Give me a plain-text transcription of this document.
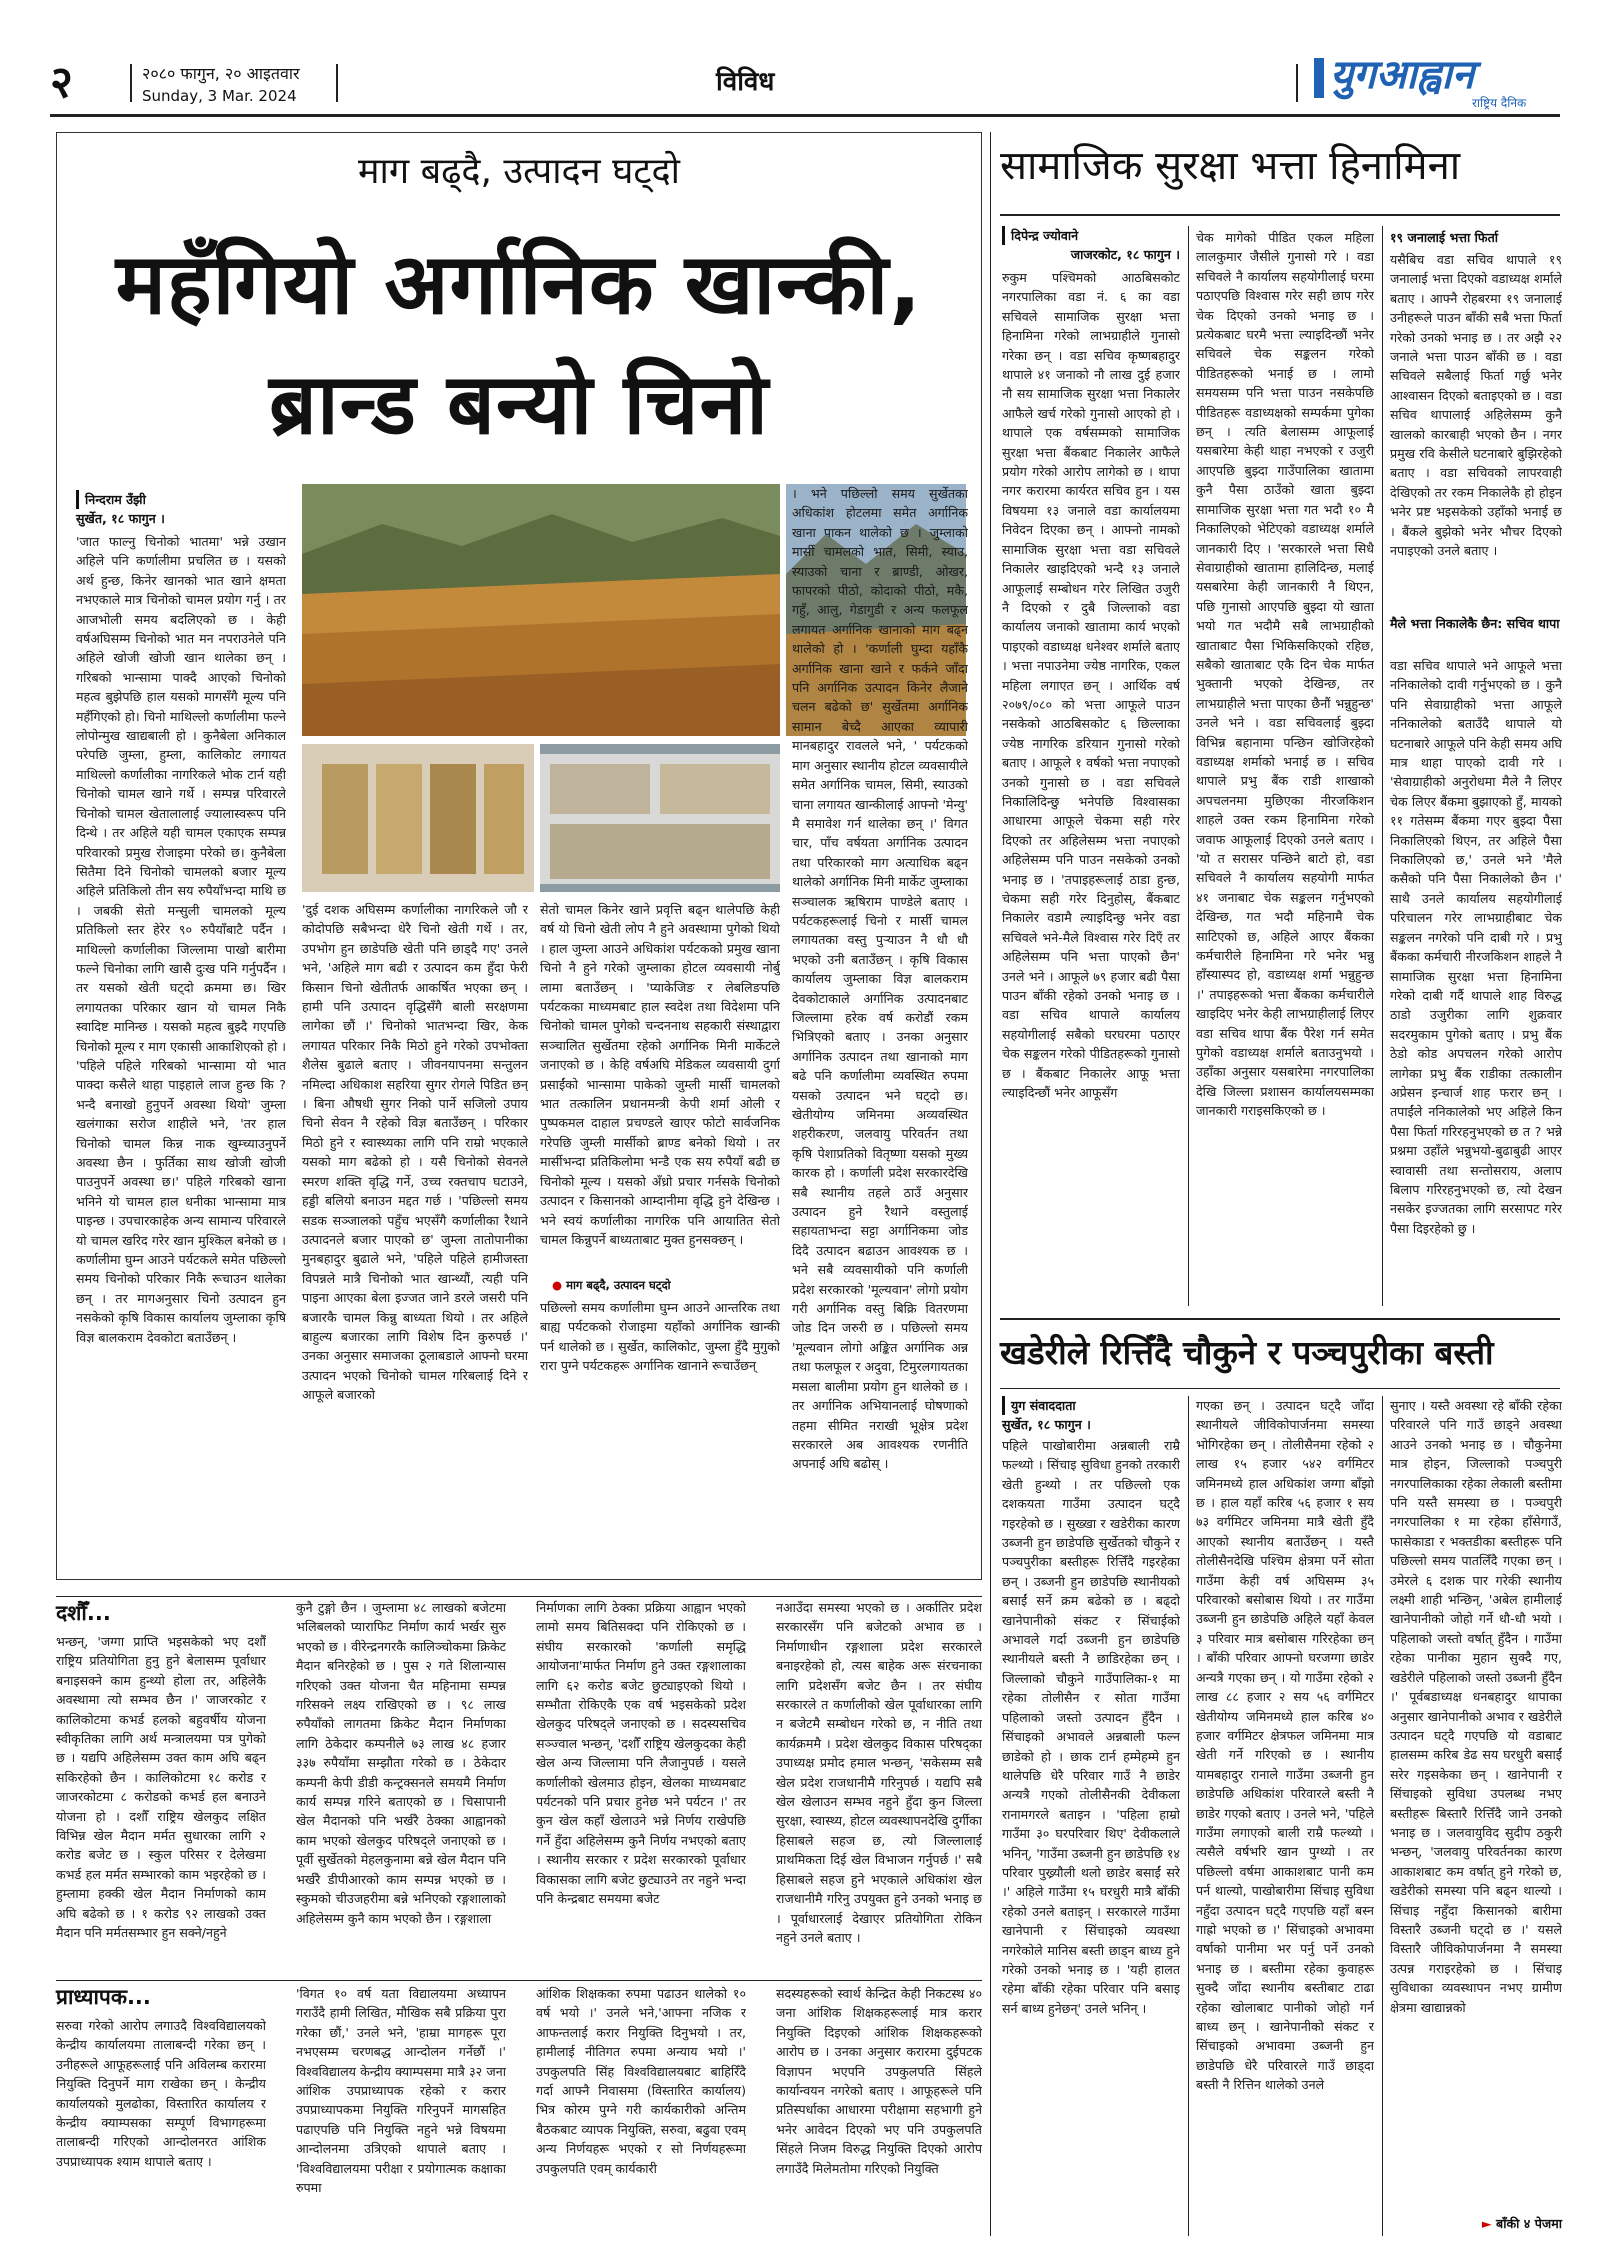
२	२०८० फागुन, २० आइतवार
Sunday, 3 Mar. 2024	विविध	युगआह्वान
राष्ट्रिय दैनिक
माग बढ्दै, उत्पादन घट्दो
महँगियो अर्गानिक खान्की,
ब्रान्ड बन्यो चिनो
निन्दराम उँझी
सुर्खेत, १८ फागुन ।
'जात फाल्नु चिनोको भातमा' भन्ने उखान अहिले पनि कर्णालीमा प्रचलित छ । यसको अर्थ हुन्छ, किनेर खानको भात खाने क्षमता नभएकाले मात्र चिनोको चामल प्रयोग गर्नु । तर आजभोली समय बदलिएको छ । केही वर्षअघिसम्म चिनोको भात मन नपराउनेले पनि अहिले खोजी खोजी खान थालेका छन् । गरिबको भान्सामा पाक्दै आएको चिनोको महत्व बुझेपछि हाल यसको मागसँगै मूल्य पनि महँगिएको हो। चिनो माथिल्लो कर्णालीमा फल्ने लोपोन्मुख खाद्यबाली हो । कुनैबेला अनिकाल परेपछि जुम्ला, हुम्ला, कालिकोट लगायत माथिल्लो कर्णालीका नागरिकले भोक टार्न यही चिनोको चामल खाने गर्थे । सम्पन्न परिवारले चिनोको चामल खेतालालाई ज्यालास्वरूप पनि दिन्थे । तर अहिले यही चामल एकाएक सम्पन्न परिवारको प्रमुख रोजाइमा परेको छ। कुनैबेला सितैमा दिने चिनोको चामलको बजार मूल्य अहिले प्रतिकिलो तीन सय रुपैयाँभन्दा माथि छ । जबकी सेतो मन्सुली चामलको मूल्य प्रतिकिलो स्तर हेरेर ९० रुपैयाँबाटै पर्दैन । माथिल्लो कर्णालीका जिल्लामा पाखो बारीमा फल्ने चिनोका लागि खासै दुःख पनि गर्नुपर्दैन । तर यसको खेती घट्दो क्रममा छ। खिर लगायतका परिकार खान यो चामल निकै स्वादिष्ट मानिन्छ । यसको महत्व बुझ्दै गएपछि चिनोको मूल्य र माग एकासी आकाशिएको हो । 'पहिले पहिले गरिबको भान्सामा यो भात पाक्दा कसैले थाहा पाइहाले लाज हुन्छ कि ? भन्दै बनाखो हुनुपर्ने अवस्था थियो' जुम्ला खलंगाका सरोज शाहीले भने, 'तर हाल चिनोको चामल किन्न नाक खुम्च्याउनुपर्ने अवस्था छैन । फुर्तिका साथ खोजी खोजी पाउनुपर्ने अवस्था छ।' पहिले गरिबको खाना भनिने यो चामल हाल धनीका भान्सामा मात्र पाइन्छ । उपचारकाहेक अन्य सामान्य परिवारले यो चामल खरिद गरेर खान मुश्किल बनेको छ । कर्णालीमा घुम्न आउने पर्यटकले समेत पछिल्लो समय चिनोको परिकार निकै रूचाउन थालेका छन् । तर मागअनुसार चिनो उत्पादन हुन नसकेको कृषि विकास कार्यालय जुम्लाका कृषि विज्ञ बालकराम देवकोटा बताउँछन् ।
'दुई दशक अघिसम्म कर्णालीका नागरिकले जौ र कोदोपछि सबैभन्दा धेरै चिनो खेती गर्थे । तर, उपभोग हुन छाडेपछि खेती पनि छाड्दै गए' उनले भने, 'अहिले माग बढी र उत्पादन कम हुँदा फेरी किसान चिनो खेतीतर्फ आकर्षित भएका छन् । हामी पनि उत्पादन वृद्धिसँगै बाली सरक्षणमा लागेका छौं ।' चिनोको भातभन्दा खिर, केक लगायत परिकार निकै मिठो हुने गरेको उपभोक्ता शैलेस बुढाले बताए । जीवनयापनमा सन्तुलन नमिल्दा अधिकाश सहरिया सुगर रोगले पिडित छन् । बिना औषधी सुगर निको पार्ने सजिलो उपाय चिनो सेवन नै रहेको विज्ञ बताउँछन् । परिकार मिठो हुने र स्वास्थ्यका लागि पनि राम्रो भएकाले यसको माग बढेको हो । यसै चिनोको सेवनले स्मरण शक्ति वृद्धि गर्ने, उच्च रक्तचाप घटाउने, हड्डी बलियो बनाउन मद्दत गर्छ । 'पछिल्लो समय सडक सञ्जालको पहुँच भएसँगै कर्णालीका रैथाने उत्पादनले बजार पाएको छ' जुम्ला तातोपानीका मुनबहादुर बुढाले भने, 'पहिले पहिले हामीजस्ता विपन्नले मात्रै चिनोको भात खान्थ्यौं, त्यही पनि पाइना आएका बेला इज्जत जाने डरले जसरी पनि बजारकै चामल किन्नु बाध्यता थियो । तर अहिले बाहुल्य बजारका लागि विशेष दिन कुरुपर्छ ।' उनका अनुसार समाजका ठूलाबडाले आफ्नो घरमा उत्पादन भएको चिनोको चामल गरिबलाई दिने र आफूले बजारको
सेतो चामल किनेर खाने प्रवृत्ति बढ्न थालेपछि केही वर्ष यो चिनो खेती लोप नै हुने अवस्थामा पुगेको थियो । हाल जुम्ला आउने अधिकांश पर्यटकको प्रमुख खाना चिनो नै हुने गरेको जुम्लाका होटल व्यवसायी नोर्बु लामा बताउँछन् । 'प्याकेजिङ र लेबलिङपछि पर्यटकका माध्यमबाट हाल स्वदेश तथा विदेशमा पनि चिनोको चामल पुगेको चन्दननाथ सहकारी संस्थाद्वारा सञ्चालित सुर्खेतमा रहेको अर्गानिक मिनी मार्केटले जनाएको छ । केहि वर्षअघि मेडिकल व्यवसायी दुर्गा प्रसाईंको भान्सामा पाकेको जुम्ली मार्सी चामलको भात तत्कालिन प्रधानमन्त्री केपी शर्मा ओली र पुष्पकमल दाहाल प्रचण्डले खाएर फोटो सार्वजनिक गरेपछि जुम्ली मार्सीको ब्राण्ड बनेको थियो । तर मार्सीभन्दा प्रतिकिलोमा भन्डै एक सय रुपैयाँ बढी छ चिनोको मूल्य । यसको अँध्रो प्रचार गर्नसके चिनोको उत्पादन र किसानको आम्दानीमा वृद्धि हुने देखिन्छ । भने स्वयं कर्णालीका नागरिक पनि आयातित सेतो चामल किन्नुपर्ने बाध्यताबाट मुक्त हुनसक्छन् ।
● माग बढ्दै, उत्पादन घट्दो
पछिल्लो समय कर्णालीमा घुम्न आउने आन्तरिक तथा बाह्य पर्यटकको रोजाइमा यहाँको अर्गानिक खान्की पर्न थालेको छ । सुर्खेत, कालिकोट, जुम्ला हुँदै मुगुको रारा पुग्ने पर्यटकहरू अर्गानिक खानाने रूचाउँछन्
। भने पछिल्लो समय सुर्खेतका अधिकांश होटलमा समेत अर्गानिक खाना पाकन थालेको छ । जुम्लाको मार्सी चामलको भात, सिमी, स्याउ, स्याउको चाना र ब्राण्डी, ओखर, फापरको पीठो, कोदाको पीठो, मकै, गहुँ, आलु, गेडागुडी र अन्य फलफूल लगायत अर्गानिक खानाको माग बढ्न थालेको हो । 'कर्णाली घुम्दा यहाँकै अर्गानिक खाना खाने र फर्कने जाँदा पनि अर्गानिक उत्पादन किनेर लैजाने चलन बढेको छ' सुर्खेतमा अर्गानिक सामान बेच्दै आएका व्यापारी मानबहादुर रावलले भने, ' पर्यटकको माग अनुसार स्थानीय होटल व्यवसायीले समेत अर्गानिक चामल, सिमी, स्याउको चाना लगायत खान्कीलाई आफ्नो 'मेन्यु' मै समावेश गर्न थालेका छन् ।' विगत चार, पाँच वर्षयता अर्गानिक उत्पादन तथा परिकारको माग अत्याधिक बढ्न थालेको अर्गानिक मिनी मार्केट जुम्लाका सञ्चालक ऋषिराम पाण्डेले बताए । पर्यटकहरूलाई चिनो र मार्सी चामल लगायतका वस्तु पुऱ्याउन नै धौ धौ भएको उनी बताउँछन् । कृषि विकास कार्यालय जुम्लाका विज्ञ बालकराम देवकोटाकाले अर्गानिक उत्पादनबाट जिल्लामा हरेक वर्ष करोडौं रकम भित्रिएको बताए । उनका अनुसार अर्गानिक उत्पादन तथा खानाको माग बढे पनि कर्णालीमा व्यवस्थित रुपमा यसको उत्पादन भने घट्दो छ। खेतीयोग्य जमिनमा अव्यवस्थित शहरीकरण, जलवायु परिवर्तन तथा कृषि पेशाप्रतिको वितृष्णा यसको मुख्य कारक हो । कर्णाली प्रदेश सरकारदेखि सबै स्थानीय तहले ठाउँ अनुसार उत्पादन हुने रैथाने वस्तुलाई सहायताभन्दा सट्टा अर्गानिकमा जोड दिदै उत्पादन बढाउन आवश्यक छ । भने सबै व्यवसायीको पनि कर्णाली प्रदेश सरकारको 'मूल्यवान' लोगो प्रयोग गरी अर्गानिक वस्तु बिक्रि वितरणमा जोड दिन जरुरी छ । पछिल्लो समय 'मूल्यवान लोगो अङ्कित अर्गानिक अन्न तथा फलफूल र अदुवा, टिमुरलगायतका मसला बालीमा प्रयोग हुन थालेको छ । तर अर्गानिक अभियानलाई घोषणाको तहमा सीमित नराखी भूक्षेत्र प्रदेश सरकारले अब आवश्यक रणनीति अपनाई अघि बढोस् ।
सामाजिक सुरक्षा भत्ता हिनामिना
दिपेन्द्र ज्योवाने
जाजरकोट, १८ फागुन ।
रुकुम पश्चिमको आठबिसकोट नगरपालिका वडा नं. ६ का वडा सचिवले सामाजिक सुरक्षा भत्ता हिनामिना गरेको लाभग्राहीले गुनासो गरेका छन् । वडा सचिव कृष्णबहादुर थापाले ४१ जनाको नौ लाख दुई हजार नौ सय सामाजिक सुरक्षा भत्ता निकालेर आफैले खर्च गरेको गुनासो आएको हो । थापाले एक वर्षसम्मको सामाजिक सुरक्षा भत्ता बैंकबाट निकालेर आफैले प्रयोग गरेको आरोप लागेको छ । थापा नगर करारमा कार्यरत सचिव हुन । यस विषयमा १३ जनाले वडा कार्यालयमा निवेदन दिएका छन् । आफ्नो नामको सामाजिक सुरक्षा भत्ता वडा सचिवले निकालेर खाइदिएको भन्दै १३ जनाले आफूलाई सम्बोधन गरेर लिखित उजुरी नै दिएको र दुबै जिल्लाको वडा कार्यालय जनाको खातामा कार्य भएको पाइएको वडाध्यक्ष धनेश्वर शर्माले बताए । भत्ता नपाउनेमा ज्येष्ठ नागरिक, एकल महिला लगाएत छन् । आर्थिक वर्ष २०७९/०८० को भत्ता आफूले पाउन नसकेको आठबिसकोट ६ छिल्लाका ज्येष्ठ नागरिक डरियान गुनासो गरेको बताए । आफूले १ वर्षको भत्ता नपाएको उनको गुनासो छ । वडा सचिवले निकालिदिन्छु भनेपछि विश्वासका आधारमा आफूले चेकमा सही गरेर दिएको तर अहिलेसम्म भत्ता नपाएको अहिलेसम्म पनि पाउन नसकेको उनको भनाइ छ । 'तपाइहरूलाई ठाडा हुन्छ, चेकमा सही गरेर दिनुहोस्, बैंकबाट निकालेर वडामै ल्याइदिन्छु भनेर वडा सचिवले भने-मैले विश्वास गरेर दिएँ तर अहिलेसम्म पनि भत्ता पाएको छैन' उनले भने । आफूले ७९ हजार बढी पैसा पाउन बाँकी रहेको उनको भनाइ छ । वडा सचिव थापाले कार्यालय सहयोगीलाई सबैको घरघरमा पठाएर चेक सङ्कलन गरेको पीडितहरूको गुनासो छ । बैंकबाट निकालेर आफू भत्ता ल्याइदिन्छौं भनेर आफूसँग
चेक मागेको पीडित एकल महिला लालकुमार जैसीले गुनासो गरे । वडा सचिवले नै कार्यालय सहयोगीलाई घरमा पठाएपछि विश्वास गरेर सही छाप गरेर चेक दिएको उनको भनाइ छ । प्रत्येकबाट घरमै भत्ता ल्याइदिन्छौं भनेर सचिवले चेक सङ्कलन गरेको पीडितहरूको भनाई छ । लामो समयसम्म पनि भत्ता पाउन नसकेपछि पीडितहरू वडाध्यक्षको सम्पर्कमा पुगेका छन् । त्यति बेलासम्म आफूलाई यसबारेमा केही थाहा नभएको र उजुरी आएपछि बुझ्दा गाउँपालिका खातामा कुनै पैसा ठाउँको खाता बुझ्दा सामाजिक सुरक्षा भत्ता गत भदौ १० मै निकालिएको भेटिएको वडाध्यक्ष शर्माले जानकारी दिए । 'सरकारले भत्ता सिधै सेवाग्राहीको खातामा हालिदिन्छ, मलाई यसबारेमा केही जानकारी नै थिएन, पछि गुनासो आएपछि बुझ्दा यो खाता भयो गत भदौमै सबै लाभग्राहीको खाताबाट पैसा भिकिसकिएको रहिछ, सबैको खाताबाट एकै दिन चेक मार्फत भुक्तानी भएको देखिन्छ, तर लाभग्राहीले भत्ता पाएका छैनौं भन्नुहुन्छ' उनले भने । वडा सचिवलाई बुझ्दा विभिन्न बहानामा पन्छिन खोजिरहेको वडाध्यक्ष शर्माको भनाई छ । सचिव थापाले प्रभु बैंक राडी शाखाको अपचलनमा मुछिएका नीरजकिशन शाहले उक्त रकम हिनामिना गरेको जवाफ आफूलाई दिएको उनले बताए । 'यो त सरासर पन्छिने बाटो हो, वडा सचिवले नै कार्यालय सहयोगी मार्फत ४१ जनाबाट चेक सङ्कलन गर्नुभएको देखिन्छ, गत भदौ महिनामै चेक साटिएको छ, अहिले आएर बैंकका कर्मचारीले हिनामिना गरे भनेर भन्नु हाँस्यास्पद हो, वडाध्यक्ष शर्मा भन्नुहुन्छ ।' तपाइहरूको भत्ता बैंकका कर्मचारीले खाइदिए भनेर केही लाभग्राहीलाई लिएर वडा सचिव थापा बैंक पैरेश गर्न समेत पुगेको वडाध्यक्ष शर्माले बताउनुभयो । उहाँका अनुसार यसबारेमा नगरपालिका देखि जिल्ला प्रशासन कार्यालयसम्मका जानकारी गराइसकिएको छ ।
१९ जनालाई भत्ता फिर्ता
यसैबिच वडा सचिव थापाले १९ जनालाई भत्ता दिएको वडाध्यक्ष शर्माले बताए । आफ्नै रोहबरमा १९ जनालाई उनीहरूले पाउन बाँकी सबै भत्ता फिर्ता गरेको उनको भनाइ छ । तर अझै २२ जनाले भत्ता पाउन बाँकी छ । वडा सचिवले सबैलाई फिर्ता गर्छु भनेर आश्वासन दिएको बताइएको छ । वडा सचिव थापालाई अहिलेसम्म कुनै खालको कारबाही भएको छैन । नगर प्रमुख रवि केसीले घटनाबारे बुझिरहेको बताए । वडा सचिवको लापरवाही देखिएको तर रकम निकालेकै हो होइन भनेर प्रष्ट भइसकेको उहाँको भनाई छ । बैंकले बुझेको भनेर भौचर दिएको नपाइएको उनले बताए ।
मैले भत्ता निकालेकै छैन: सचिव थापा
वडा सचिव थापाले भने आफूले भत्ता ननिकालेको दावी गर्नुभएको छ । कुनै पनि सेवाग्राहीको भत्ता आफूले ननिकालेको बताउँदै थापाले यो घटनाबारे आफूले पनि केही समय अघि मात्र थाहा पाएको दावी गरे । 'सेवाग्राहीको अनुरोधमा मैले नै लिएर चेक लिएर बैंकमा बुझाएको हुँ, मायको ११ गतेसम्म बैंकमा गएर बुझ्दा पैसा निकालिएको थिएन, तर अहिले पैसा निकालिएको छ,' उनले भने 'मैले कसैको पनि पैसा निकालेको छैन ।' साथै उनले कार्यालय सहयोगीलाई परिचालन गरेर लाभग्राहीबाट चेक सङ्कलन नगरेको पनि दाबी गरे । प्रभु बैंकका कर्मचारी नीरजकिशन शाहले नै सामाजिक सुरक्षा भत्ता हिनामिना गरेको दाबी गर्दै थापाले शाह विरुद्ध ठाडो उजुरीका लागि शुक्रवार सदरमुकाम पुगेको बताए । प्रभु बैंक ठेडो कोड अपचलन गरेको आरोप लागेका प्रभु बैंक राडीका तत्कालीन अप्रेसन इन्चार्ज शाह फरार छन् । तपाईंले ननिकालेको भए अहिले किन पैसा फिर्ता गरिरहनुभएको छ त ? भन्ने प्रश्नमा उहाँले भन्नुभयो-बुढाबुढी आएर स्वावासी तथा सन्तोसराय, अलाप बिलाप गरिरहनुभएको छ, त्यो देखन नसकेर इज्जतका लागि सरसापट गरेर पैसा दिइरहेको छु ।
खडेरीले रित्तिँदै चौकुने र पञ्चपुरीका बस्ती
युग संवाददाता
सुर्खेत, १८ फागुन ।
पहिले पाखोबारीमा अन्नबाली राम्रै फल्थ्यो । सिंचाइ सुविधा हुनको तरकारी खेती हुन्थ्यो । तर पछिल्लो एक दशकयता गाउँमा उत्पादन घट्दै गइरहेको छ । सुख्खा र खडेरीका कारण उब्जनी हुन छाडेपछि सुर्खेतको चौकुने र पञ्चपुरीका बस्तीहरू रित्तिँदै गइरहेका छन् । उब्जनी हुन छाडेपछि स्थानीयको बसाईं सर्ने क्रम बढेको छ । बढ्दो खानेपानीको संकट र सिंचाईको अभावले गर्दा उब्जनी हुन छाडेपछि स्थानीयले बस्ती नै छाडिरहेका छन् । जिल्लाको चौकुने गाउँपालिका-१ मा रहेका तोलीसैन र सोता गाउँमा पहिलाको जस्तो उत्पादन हुँदैन । सिंचाइको अभावले अन्नबाली फल्न छाडेको हो । छाक टार्न हम्मेहम्मे हुन थालेपछि धेरै परिवार गाउँ नै छाडेर अन्यत्रै गएको तोलीसैनकी देवीकला रानामगरले बताइन । 'पहिला हाम्रो गाउँमा ३० घरपरिवार थिए' देवीकलाले भनिन्, 'गाउँमा उब्जनी हुन छाडेपछि १४ परिवार पुख्र्यौली थलो छाडेर बसाईं सरे ।' अहिले गाउँमा १५ घरधुरी मात्रै बाँकी रहेको उनले बताइन् । सरकारले गाउँमा खानेपानी र सिंचाइको व्यवस्था नगरेकोले मानिस बस्ती छाड्न बाध्य हुने गरेको उनको भनाइ छ । 'यही हालत रहेमा बाँकी रहेका परिवार पनि बसाइ सर्न बाध्य हुनेछन्' उनले भनिन् ।
गएका छन् । उत्पादन घट्दै जाँदा स्थानीयले जीविकोपार्जनमा समस्या भोगिरहेका छन् । तोलीसैनमा रहेको २ लाख १५ हजार ५४२ वर्गमिटर जमिनमध्ये हाल अधिकांश जग्गा बाँझो छ । हाल यहाँ करिब ५६ हजार १ सय ७३ वर्गमिटर जमिनमा मात्रै खेती हुँदै आएको स्थानीय बताउँछन् । यस्तै तोलीसैनदेखि पश्चिम क्षेत्रमा पर्ने सोता गाउँमा केही वर्ष अघिसम्म ३५ परिवारको बसोबास थियो । तर गाउँमा उब्जनी हुन छाडेपछि अहिले यहाँ केवल ३ परिवार मात्र बसोबास गरिरहेका छन् । बाँकी परिवार आफ्नो घरजग्गा छाडेर अन्यत्रै गएका छन् । यो गाउँमा रहेको २ लाख ८८ हजार २ सय ५६ वर्गमिटर खेतीयोग्य जमिनमध्ये हाल करिब ४० हजार वर्गमिटर क्षेत्रफल जमिनमा मात्र खेती गर्ने गरिएको छ । स्थानीय यामबहादुर रानाले गाउँमा उब्जनी हुन छाडेपछि अधिकांश परिवारले बस्ती नै छाडेर गएको बताए । उनले भने, 'पहिले गाउँमा लगाएको बाली राम्रै फल्थ्यो । त्यसैले वर्षभरि खान पुग्थ्यो । तर पछिल्लो वर्षमा आकाशबाट पानी कम पर्न थाल्यो, पाखोबारीमा सिंचाइ सुविधा नहुँदा उत्पादन घट्दै गएपछि यहाँ बस्न गाह्रो भएको छ ।' सिंचाइको अभावमा वर्षाको पानीमा भर पर्नु पर्ने उनको भनाइ छ । बस्तीमा रहेका कुवाहरू सुक्दै जाँदा स्थानीय बस्तीबाट टाढा रहेका खोलाबाट पानीको जोहो गर्न बाध्य छन् । खानेपानीको संकट र सिंचाइको अभावमा उब्जनी हुन छाडेपछि धेरै परिवारले गाउँ छाड्दा बस्ती नै रित्तिन थालेको उनले
सुनाए । यस्तै अवस्था रहे बाँकी रहेका परिवारले पनि गाउँ छाड्ने अवस्था आउने उनको भनाइ छ । चौकुनेमा मात्र होइन, जिल्लाको पञ्चपुरी नगरपालिकाका रहेका लेकाली बस्तीमा पनि यस्तै समस्या छ । पञ्चपुरी नगरपालिका १ मा रहेका हाँसेगाउँ, फासेकाडा र भक्तडीका बस्तीहरू पनि पछिल्लो समय पातलिँदै गएका छन् । उमेरले ६ दशक पार गरेकी स्थानीय लक्ष्मी शाही भन्छिन्, 'अबेल हामीलाई खानेपानीको जोहो गर्ने धौ-धौ भयो । पहिलाको जस्तो वर्षात् हुँदैन । गाउँमा रहेका पानीका मुहान सुक्दै गए, खडेरीले पहिलाको जस्तो उब्जनी हुँदैन ।' पूर्वबडाध्यक्ष धनबहादुर थापाका अनुसार खानेपानीको अभाव र खडेरीले उत्पादन घट्दै गएपछि यो वडाबाट हालसम्म करिब डेढ सय घरधुरी बसाईं सरेर गइसकेका छन् । खानेपानी र सिंचाइको सुविधा उपलब्ध नभए बस्तीहरू बिस्तारै रित्तिँदै जाने उनको भनाइ छ । जलवायुविद सुदीप ठकुरी भन्छन्, 'जलवायु परिवर्तनका कारण आकाशबाट कम वर्षात् हुने गरेको छ, खडेरीको समस्या पनि बढ्न थाल्यो । सिंचाइ नहुँदा किसानको बारीमा विस्तारै उब्जनी घट्दो छ ।' यसले विस्तारै जीविकोपार्जनमा नै समस्या उत्पन्न गराइरहेको छ । सिंचाइ सुविधाका व्यवस्थापन नभए ग्रामीण क्षेत्रमा खाद्यान्नको
► बाँकी ४ पेजमा
दशौँ...
भन्छन्, 'जग्गा प्राप्ति भइसकेको भए दशौँ राष्ट्रिय प्रतियोगिता हुनु हुने बेलासम्म पूर्वाधार बनाइसक्ने काम हुन्थ्यो होला तर, अहिलेकै अवस्थामा त्यो सम्भव छैन ।' जाजरकोट र कालिकोटमा कभर्ड हलको बहुवर्षीय योजना स्वीकृतिका लागि अर्थ मन्त्रालयमा पत्र पुगेको छ । यद्यपि अहिलेसम्म उक्त काम अघि बढ्न सकिरहेको छैन । कालिकोटमा १८ करोड र जाजरकोटमा ८ करोडको कभर्ड हल बनाउने योजना हो । दशौँ राष्ट्रिय खेलकुद लक्षित विभिन्न खेल मैदान मर्मत सुधारका लागि २ करोड बजेट छ । स्कुल परिसर र देलेखमा कभर्ड हल मर्मत सम्भारको काम भइरहेको छ । हुम्लामा हक्की खेल मैदान निर्माणको काम अघि बढेको छ । १ करोड ९२ लाखको उक्त मैदान पनि मर्मतसम्भार हुन सक्ने/नहुने
कुनै टुङ्गो छैन । जुम्लामा ४८ लाखको बजेटमा भलिबलको प्याराफिट निर्माण कार्य भर्खर सुरु भएको छ । वीरेन्द्रनगरकै कालिञ्चोकमा क्रिकेट मैदान बनिरहेको छ । पुस २ गते शिलान्यास गरिएको उक्त योजना चैत महिनामा सम्पन्न गरिसक्ने लक्ष्य राखिएको छ । ९८ लाख रुपैयाँको लागतमा क्रिकेट मैदान निर्माणका लागि ठेकेदार कम्पनीले ७३ लाख ४८ हजार ३३७ रुपैयाँमा सम्झौता गरेको छ । ठेकेदार कम्पनी केपी डीडी कन्ट्रक्सनले समयमै निर्माण कार्य सम्पन्न गरिने बताएको छ । चिसापानी खेल मैदानको पनि भर्खरै ठेक्का आह्वानको काम भएको खेलकुद परिषद्ले जनाएको छ । पूर्वी सुर्खेतको मेहलकुनामा बन्ने खेल मैदान पनि भर्खरै डीपीआरको काम सम्पन्न भएको छ । स्कुमको चीउजहरीमा बन्ने भनिएको रङ्गशालाको अहिलेसम्म कुनै काम भएको छैन । रङ्गशाला
निर्माणका लागि ठेक्का प्रक्रिया आह्वान भएको लामो समय बितिसक्दा पनि रोकिएको छ । संघीय सरकारको 'कर्णाली समृद्धि आयोजना'मार्फत निर्माण हुने उक्त रङ्गशालाका लागि ६२ करोड बजेट छुट्याइएको थियो । सम्भौता रोकिएकै एक वर्ष भइसकेको प्रदेश खेलकुद परिषद्ले जनाएको छ । सदस्यसचिव सञ्ज्वाल भन्छन्, 'दशौँ राष्ट्रिय खेलकुदका केही खेल अन्य जिल्लामा पनि लैजानुपर्छ । यसले कर्णालीको खेलमाउ होइन, खेलका माध्यमबाट पर्यटनको पनि प्रचार हुनेछ भने पर्यटन ।' तर कुन खेल कहाँ खेलाउने भन्ने निर्णय राखेपछि गर्ने हुँदा अहिलेसम्म कुनै निर्णय नभएको बताए । स्थानीय सरकार र प्रदेश सरकारको पूर्वाधार विकासका लागि बजेट छुट्याउने तर नहुने भन्दा पनि केन्द्रबाट समयमा बजेट
नआउँदा समस्या भएको छ । अर्कातिर प्रदेश सरकारसँग पनि बजेटको अभाव छ । निर्माणाधीन रङ्गशाला प्रदेश सरकारले बनाइरहेको हो, त्यस बाहेक अरू संरचनाका लागि प्रदेशसँग बजेट छैन । तर संघीय सरकारले त कर्णालीको खेल पूर्वाधारका लागि न बजेटमै सम्बोधन गरेको छ, न नीति तथा कार्यक्रममै । प्रदेश खेलकुद विकास परिषद्का उपाध्यक्ष प्रमोद हमाल भन्छन्, 'सकेसम्म सबै खेल प्रदेश राजधानीमै गरिनुपर्छ । यद्यपि सबै खेल खेलाउन सम्भव नहुने हुँदा कुन जिल्ला सुरक्षा, स्वास्थ्य, होटल व्यवस्थापनदेखि दुर्गीका हिसाबले सहज छ, त्यो जिल्लालाई प्राथमिकता दिई खेल विभाजन गर्नुपर्छ ।' सबै हिसाबले सहज हुने भएकाले अधिकांश खेल राजधानीमै गरिनु उपयुक्त हुने उनको भनाइ छ । पूर्वाधारलाई देखाएर प्रतियोगिता रोकिन नहुने उनले बताए ।
प्राध्यापक...
सरुवा गरेको आरोप लगाउदै विश्वविद्यालयको केन्द्रीय कार्यालयमा तालाबन्दी गरेका छन् । उनीहरूले आफूहरूलाई पनि अविलम्ब करारमा नियुक्ति दिनुपर्ने माग राखेका छन् । केन्द्रीय कार्यालयको मुलढोका, विस्तारित कार्यालय र केन्द्रीय क्याम्पसका सम्पूर्ण विभागहरूमा तालाबन्दी गरिएको आन्दोलनरत आंशिक उपप्राध्यापक श्याम थापाले बताए ।
'विगत १० वर्ष यता विद्यालयमा अध्यापन गराउँदै हामी लिखित, मौखिक सबै प्रक्रिया पुरा गरेका छौं,' उनले भने, 'हाम्रा मागहरू पूरा नभएसम्म चरणबद्ध आन्दोलन गर्नेछौं ।' विश्वविद्यालय केन्द्रीय क्याम्पसमा मात्रै ३२ जना आंशिक उपप्राध्यापक रहेको र करार उपप्राध्यापकमा नियुक्ति गरिनुपर्ने मागसहित पढाएपछि पनि नियुक्ति नहुने भन्ने विषयमा आन्दोलनमा उत्रिएको थापाले बताए । 'विश्वविद्यालयमा परीक्षा र प्रयोगात्मक कक्षाका रुपमा
आंशिक शिक्षकका रुपमा पढाउन थालेको १० वर्ष भयो ।' उनले भने,'आफ्ना नजिक र आफन्तलाई करार नियुक्ति दिनुभयो । तर, हामीलाई नीतिगत रुपमा अन्याय भयो ।' उपकुलपति सिंह विश्वविद्यालयबाट बाहिरिँदै गर्दा आफ्नै निवासमा (विस्तारित कार्यालय) भित्र कोरम पुग्ने गरी कार्यकारीको अन्तिम बैठकबाट व्यापक नियुक्ति, सरुवा, बढुवा एवम् अन्य निर्णयहरू भएको र सो निर्णयहरूमा उपकुलपति एवम् कार्यकारी
सदस्यहरूको स्वार्थ केन्द्रित केही निकटस्थ ४० जना आंशिक शिक्षकहरूलाई मात्र करार नियुक्ति दिइएको आंशिक शिक्षकहरूको आरोप छ । उनका अनुसार करारमा दुईपटक विज्ञापन भएपनि उपकुलपति सिंहले कार्यान्वयन नगरेको बताए । आफूहरूले पनि प्रतिस्पर्धाका आधारमा परीक्षामा सहभागी हुने भनेर आवेदन दिएको भए पनि उपकुलपति सिंहले निजम विरुद्ध नियुक्ति दिएको आरोप लगाउँदै मिलेमतोमा गरिएको नियुक्ति
